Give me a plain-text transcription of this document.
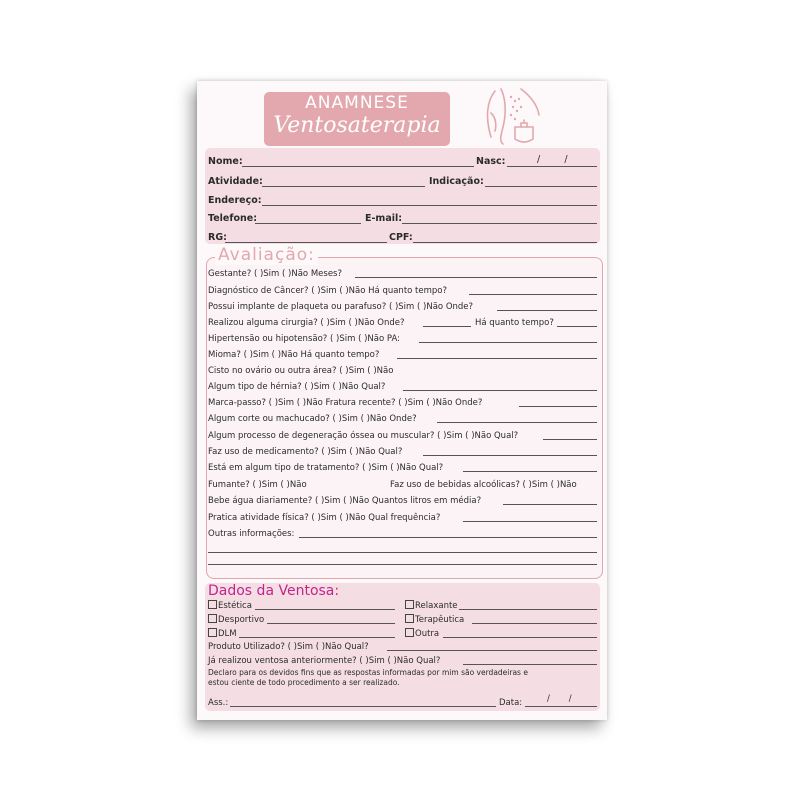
ANAMNESE
Ventosaterapia
Nome:	Nasc:	/        /
Atividade:	Indicação:
Endereço:
Telefone:	E-mail:
RG:	CPF:
Avaliação:
Gestante? ( )Sim ( )Não Meses?
Diagnóstico de Câncer? ( )Sim ( )Não Há quanto tempo?
Possui implante de plaqueta ou parafuso? ( )Sim ( )Não Onde?
Realizou alguma cirurgia? ( )Sim ( )Não Onde?	Há quanto tempo?
Hipertensão ou hipotensão? ( )Sim ( )Não PA:
Mioma? ( )Sim ( )Não Há quanto tempo?
Cisto no ovário ou outra área? ( )Sim ( )Não
Algum tipo de hérnia? ( )Sim ( )Não Qual?
Marca-passo? ( )Sim ( )Não Fratura recente? ( )Sim ( )Não Onde?
Algum corte ou machucado? ( )Sim ( )Não Onde?
Algum processo de degeneração óssea ou muscular? ( )Sim ( )Não Qual?
Faz uso de medicamento? ( )Sim ( )Não Qual?
Está em algum tipo de tratamento? ( )Sim ( )Não Qual?
Fumante? ( )Sim ( )Não	Faz uso de bebidas alcoólicas? ( )Sim ( )Não
Bebe água diariamente? ( )Sim ( )Não Quantos litros em média?
Pratica atividade física? ( )Sim ( )Não Qual frequência?
Outras informações:
Dados da Ventosa:
Estética	Relaxante
Desportivo	Terapêutica
DLM	Outra
Produto Utilizado? ( )Sim ( )Não Qual?
Já realizou ventosa anteriormente? ( )Sim ( )Não Qual?
Declaro para os devidos fins que as respostas informadas por mim são verdadeiras e
estou ciente de todo procedimento a ser realizado.
Ass.:	Data:	/       /
